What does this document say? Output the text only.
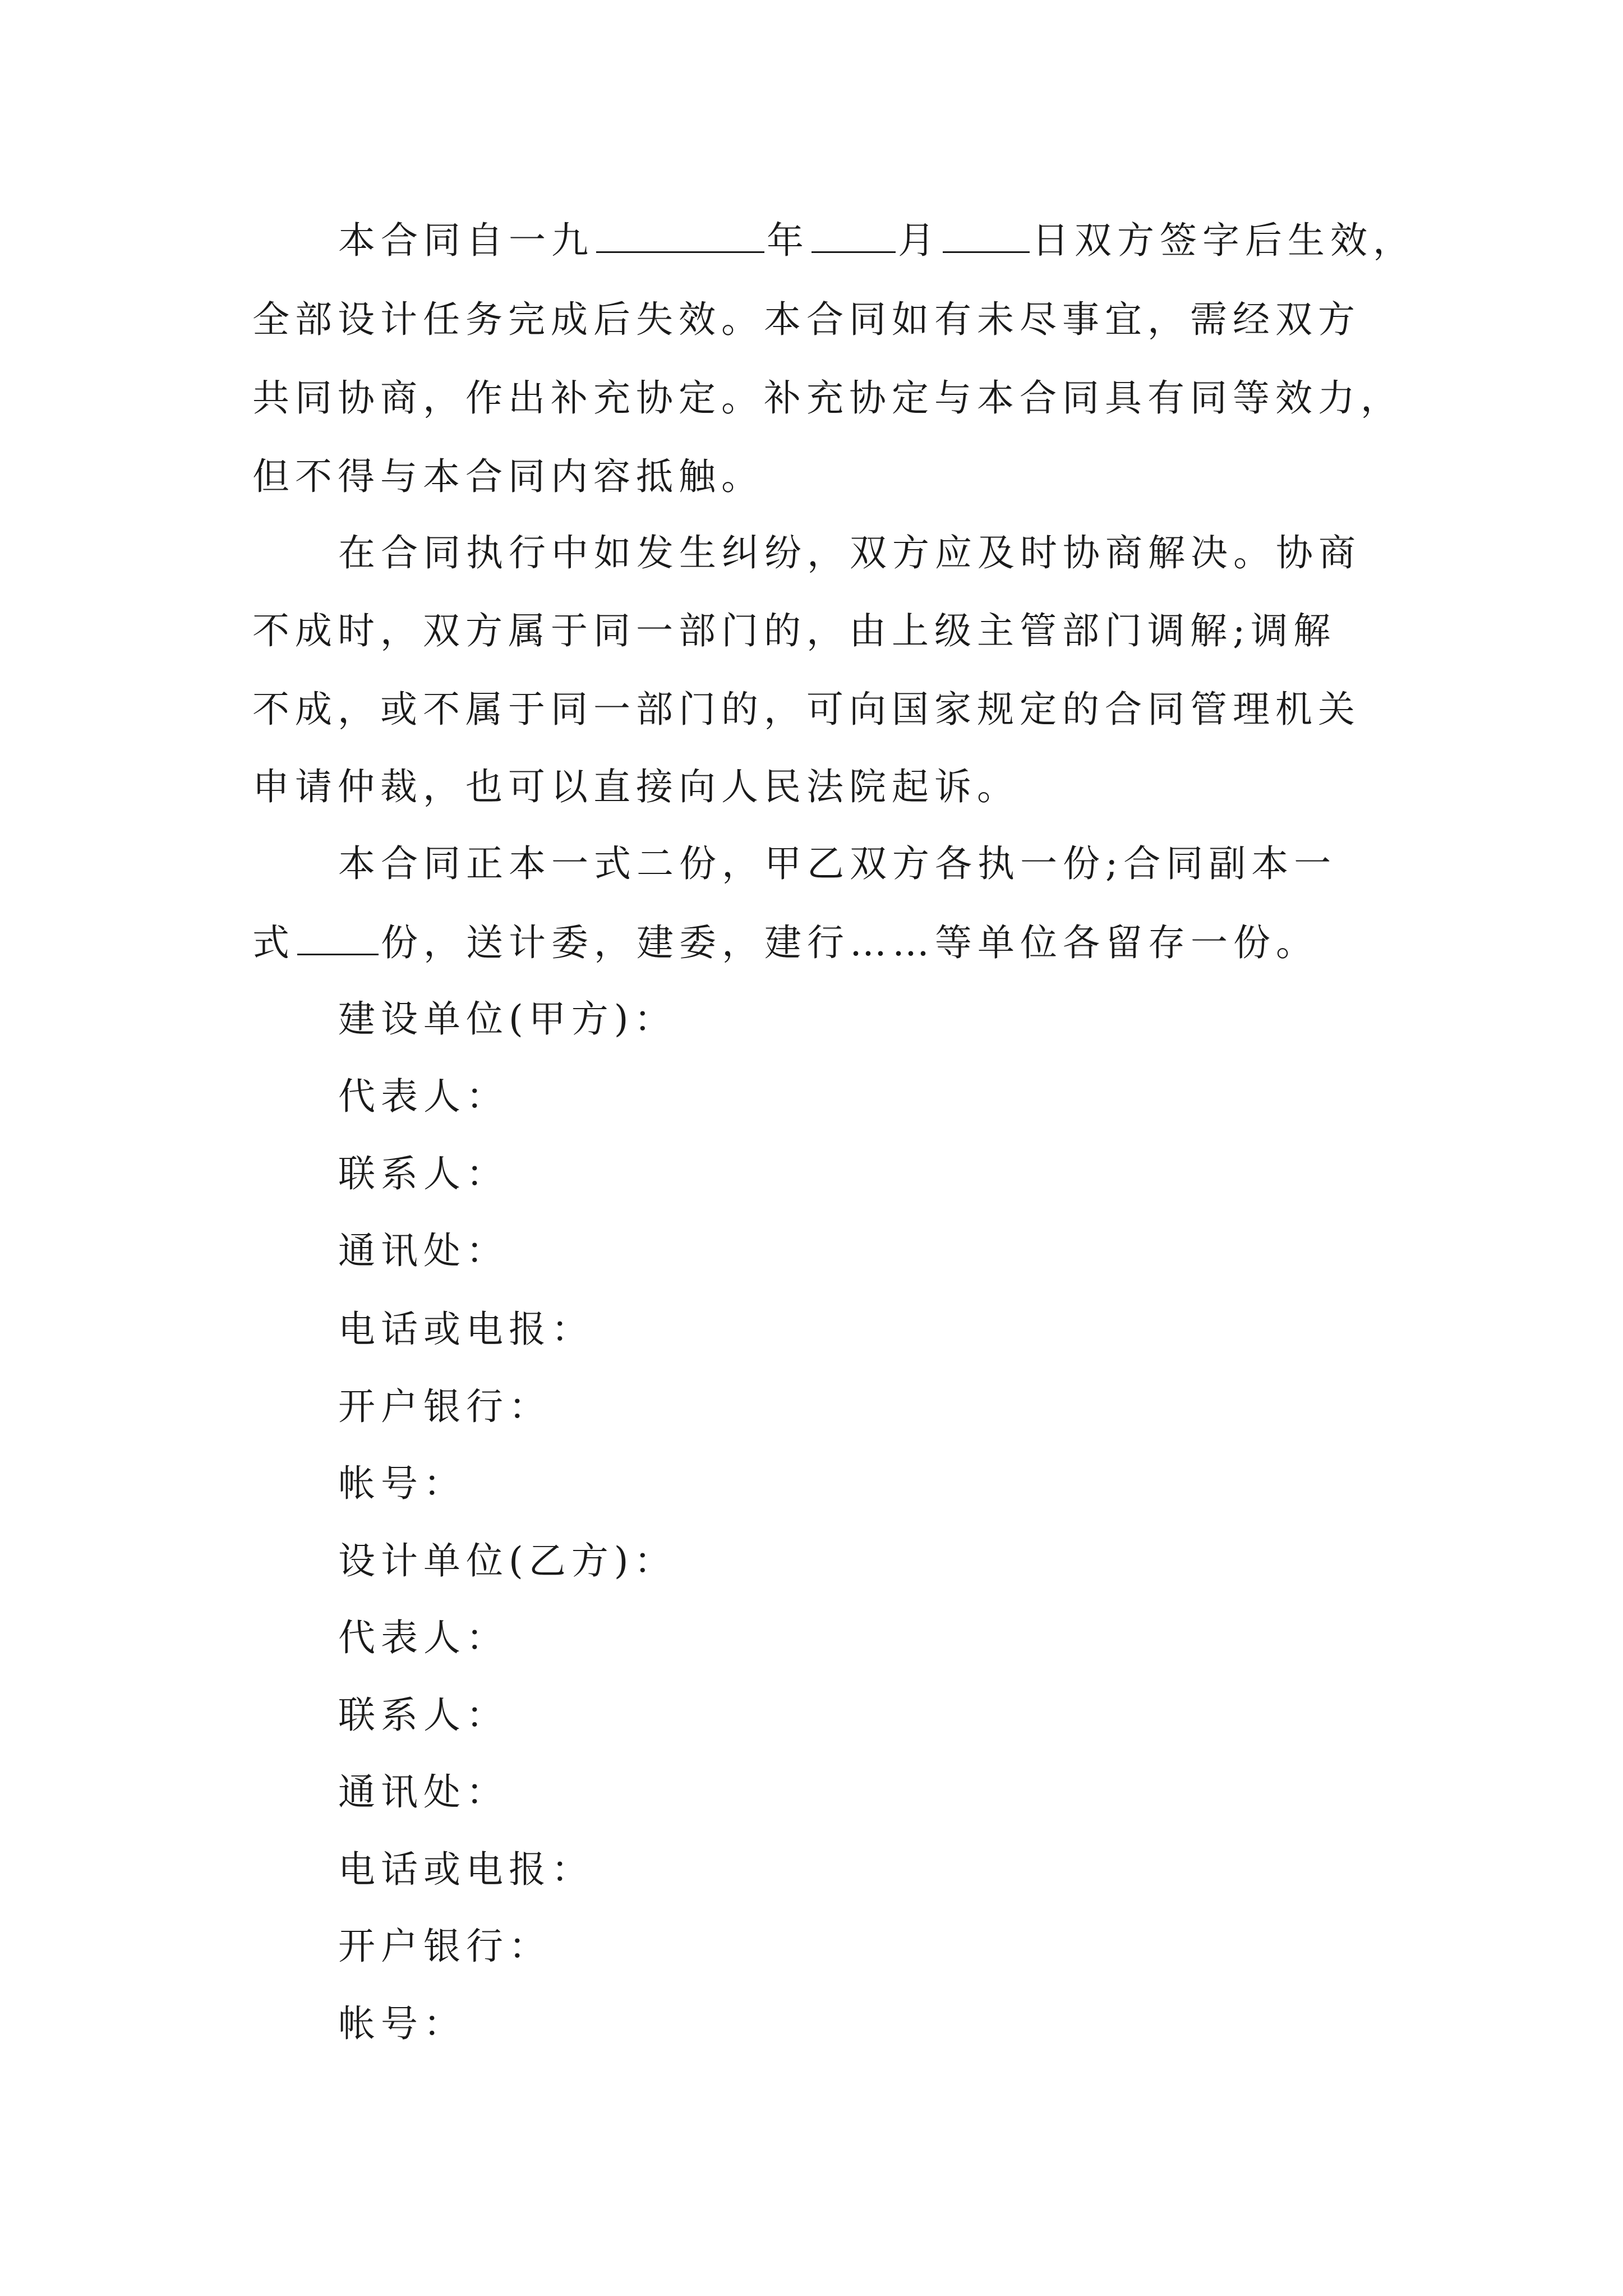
本合同自一九	年 月 日双方签字后生效，
全部设计任务完成后失效。本合同如有未尽事宜，需经双方
共同协商，作出补充协定。补充协定与本合同具有同等效力，
但不得与本合同内容抵触。
在合同执行中如发生纠纷，双方应及时协商解决。协商
不成时，双方属于同一部门的，由上级主管部门调解;调解
不成，或不属于同一部门的，可向国家规定的合同管理机关
申请仲裁，也可以直接向人民法院起诉。
本合同正本一式二份，甲乙双方各执一份;合同副本一
式 份，送计委，建委，建行……等单位各留存一份。
建设单位(甲方)：
代表人：
联系人：
通讯处：
电话或电报：
开户银行：
帐号：
设计单位(乙方)：
代表人：
联系人：
通讯处：
电话或电报：
开户银行：
帐号：
